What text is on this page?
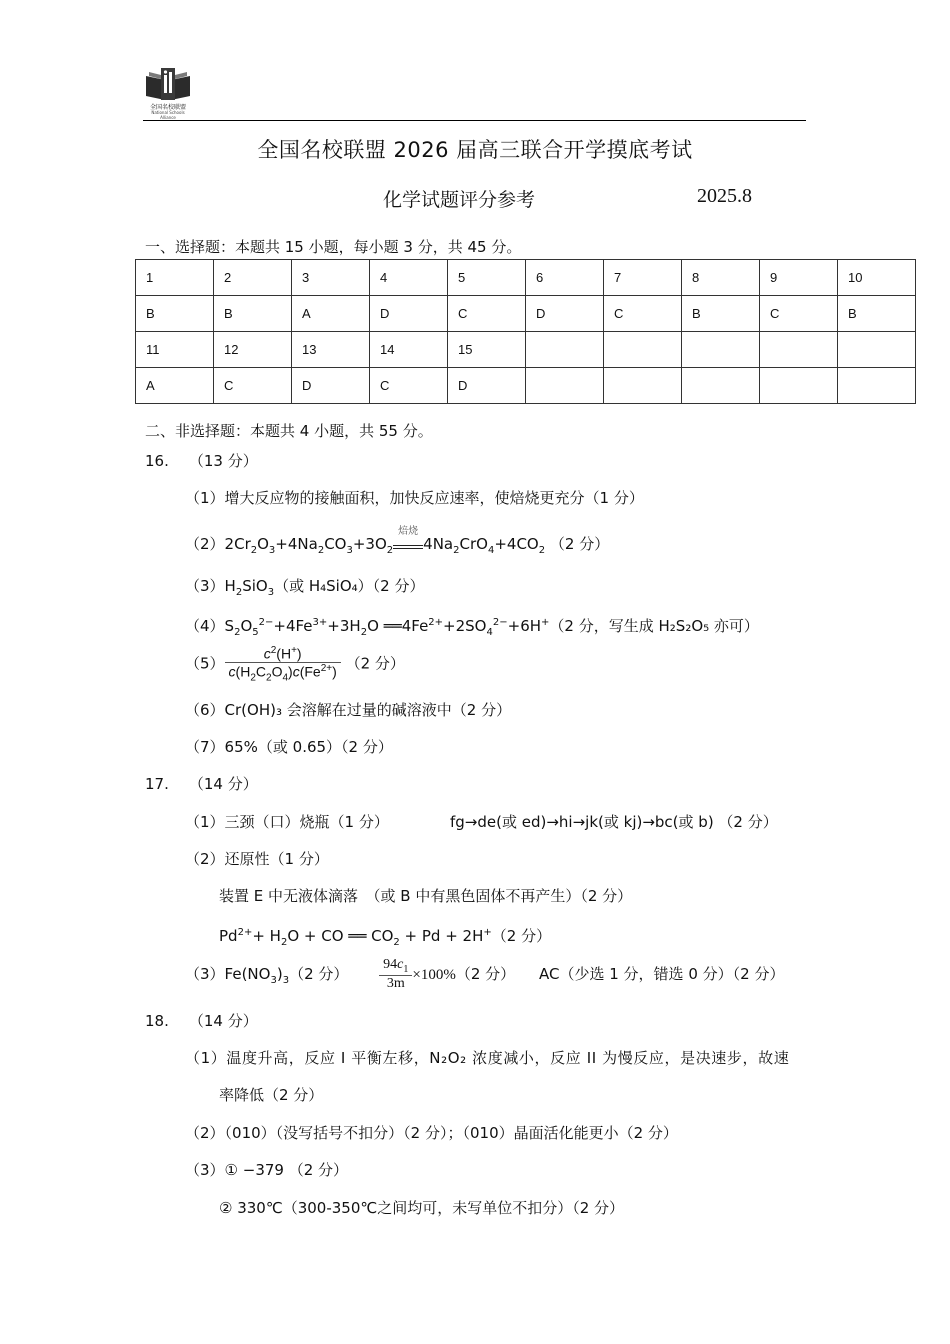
全国名校联盟
National Schools Alliance
全国名校联盟 2026 届高三联合开学摸底考试
化学试题评分参考	2025.8
一、选择题：本题共 15 小题，每小题 3 分，共 45 分。
1	2	3	4	5	6	7	8	9	10
B	B	A	D	C	D	C	B	C	B
11	12	13	14	15					
A	C	D	C	D					
二、非选择题：本题共 4 小题，共 55 分。
16. （13 分）
（1）增大反应物的接触面积，加快反应速率，使焙烧更充分（1 分）
$(2)2Cr_2O_3+4Na_2CO_3+3O_2$
焙烧
$4Na_2CrO_4+4CO_2$ （2 分）
$(3)H_2SiO_3$（或 H₄SiO₄）（2 分）
$(4)S_2O_5^{2-}+4Fe^{3+}+3H_2O$ $══4Fe^{2+}+2SO_4^{2-}+6H^+(2$ 分，写生成 H₂S₂O₅ 亦可）
$(5) \frac{c^2(H^+)}{c(H_2C_2O_4)c(Fe^{2+})} (2$ 分）
（6）Cr(OH)₃ 会溶解在过量的碱溶液中（2 分）
（7）65%（或 0.65）（2 分）
17. （14 分）
（1）三颈（口）烧瓶（1 分）	fg→de(或 ed)→hi→jk(或 kj)→bc(或 b) （2 分）
（2）还原性（1 分）
装置 E 中无液体滴落　（或 B 中有黑色固体不再产生）（2 分）
$Pd^{2+}+ H_2O$ + CO ══ $CO_2 + Pd + 2H^+(2$ 分）
$(3)Fe(NO_3)_3(2$ 分） $\frac{94c_1}{3m} \times 100\%(2$ 分） AC（少选 1 分，错选 0 分）（2 分）
18. （14 分）
（1）温度升高，反应 I 平衡左移，N₂O₂ 浓度减小，反应 II 为慢反应，是决速步，故速
率降低（2 分）
（2）（010）（没写括号不扣分）（2 分）；（010）晶面活化能更小（2 分）
（3）① −379 （2 分）
② 330℃（300-350℃之间均可，未写单位不扣分）（2 分）
